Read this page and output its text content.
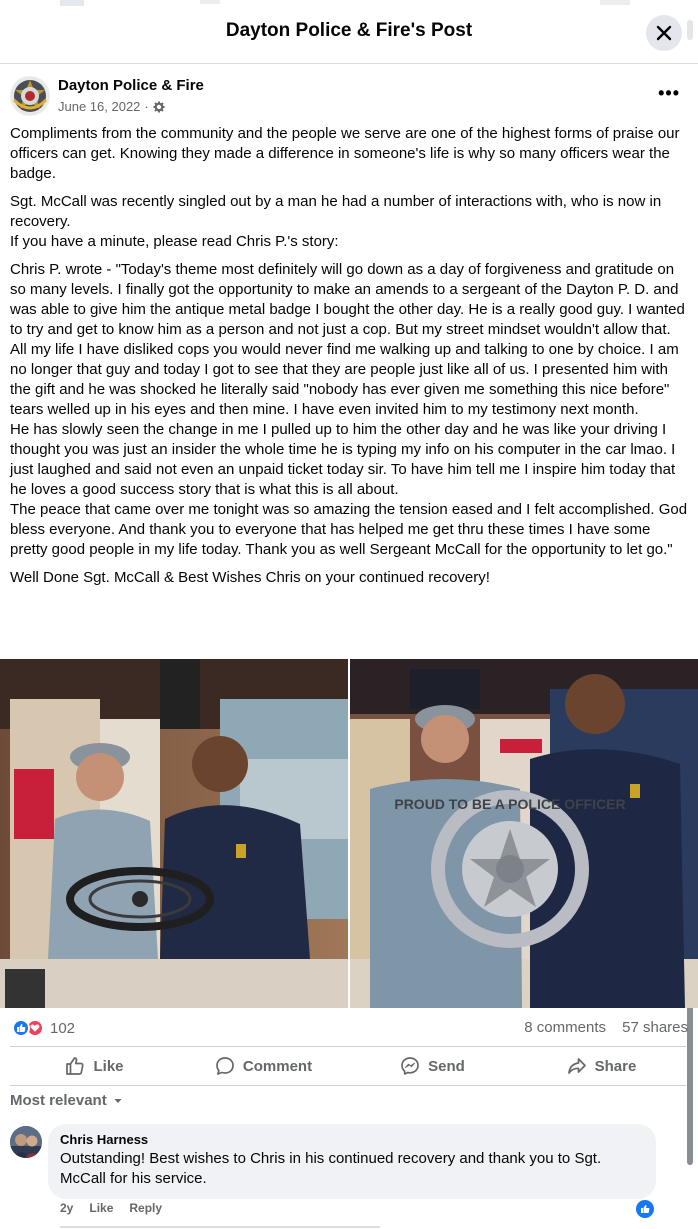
Dayton Police & Fire's Post
Dayton Police & Fire
June 16, 2022 ·
•••

Compliments from the community and the people we serve are one of the highest forms of praise our officers can get. Knowing they made a difference in someone's life is why so many officers wear the badge.

Sgt. McCall was recently singled out by a man he had a number of interactions with, who is now in recovery.
If you have a minute, please read Chris P.'s story:

Chris P. wrote - "Today's theme most definitely will go down as a day of forgiveness and gratitude on so many levels. I finally got the opportunity to make an amends to a sergeant of the Dayton P. D. and was able to give him the antique metal badge I bought the other day. He is a really good guy. I wanted to try and get to know him as a person and not just a cop. But my street mindset wouldn't allow that.
All my life I have disliked cops you would never find me walking up and talking to one by choice. I am no longer that guy and today I got to see that they are people just like all of us. I presented him with the gift and he was shocked he literally said "nobody has ever given me something this nice before" tears welled up in his eyes and then mine. I have even invited him to my testimony next month.
He has slowly seen the change in me I pulled up to him the other day and he was like your driving I thought you was just an insider the whole time he is typing my info on his computer in the car lmao. I just laughed and said not even an unpaid ticket today sir. To have him tell me I inspire him today that he loves a good success story that is what this is all about.
The peace that came over me tonight was so amazing the tension eased and I felt accomplished. God bless everyone. And thank you to everyone that has helped me get thru these times I have some pretty good people in my life today. Thank you as well Sergeant McCall for the opportunity to let go."

Well Done Sgt. McCall & Best Wishes Chris on your continued recovery!

PROUD TO BE A POLICE OFFICER
102	8 comments 57 shares
Like	Comment	Send	Share
Most relevant
Chris Harness
Outstanding! Best wishes to Chris in his continued recovery and thank you to Sgt. McCall for his service.
2y Like Reply
